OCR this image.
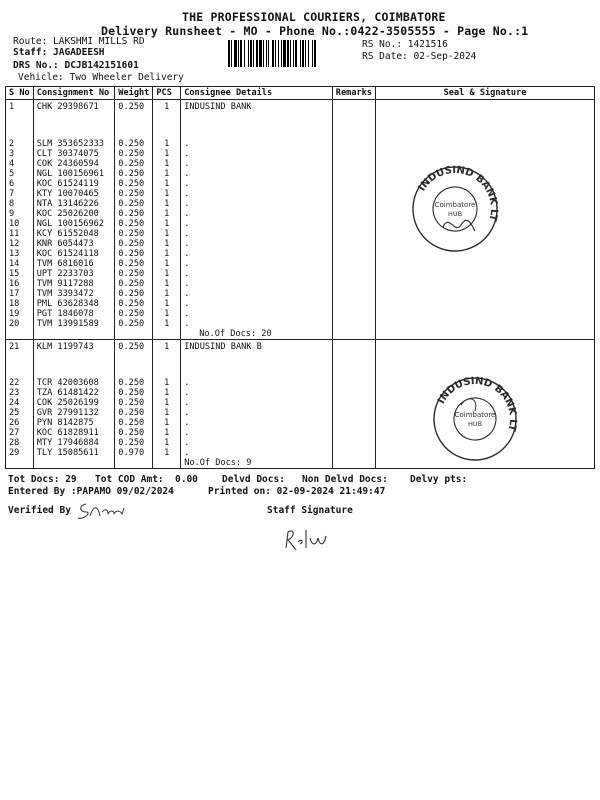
THE PROFESSIONAL COURIERS, COIMBATORE
Delivery Runsheet - MO - Phone No.:0422-3505555 - Page No.:1
Route: LAKSHMI MILLS RD
Staff: JAGADEESH
DRS No.: DCJB142151601
Vehicle: Two Wheeler Delivery
RS No.: 1421516
RS Date: 02-Sep-2024
S No	Consignment No	Weight	PCS	Consignee Details	Remarks	Seal & Signature
1	CHK 29398671	0.250	1	INDUSIND BANK		

2	SLM 353652333	0.250	1	.		
3	CLT 30374075	0.250	1	.		
4	COK 24360594	0.250	1	.		
5	NGL 100156961	0.250	1	.		
6	KOC 61524119	0.250	1	.		
7	KTY 10070465	0.250	1	.		
8	NTA 13146226	0.250	1	.		
9	KOC 25026200	0.250	1	.		
10	NGL 100156962	0.250	1	.		
11	KCY 61552048	0.250	1	.		
12	KNR 6054473	0.250	1	.		
13	KOC 61524118	0.250	1	.		
14	TVM 6816016	0.250	1	.		
15	UPT 2233703	0.250	1	.		
16	TVM 9117288	0.250	1	.		
17	TVM 3393472	0.250	1	.		
18	PML 63628348	0.250	1	.		
19	PGT 1846078	0.250	1	.		
20	TVM 13991589	0.250	1	.		
				No.Of Docs: 20		
21	KLM 1199743	0.250	1	INDUSIND BANK B		

22	TCR 42003608	0.250	1	.		
23	TZA 61481422	0.250	1	.		
24	COK 25026199	0.250	1	.		
25	GVR 27991132	0.250	1	.		
26	PYN 8142875	0.250	1	.		
27	KOC 61828911	0.250	1	.		
28	MTY 17946884	0.250	1	.		
29	TLY 15085611	0.970	1	.		
				No.Of Docs: 9		
INDUSIND BANK LTD.
Coimbatore
HUB
INDUSIND BANK LTD.
Coimbatore
HUB
Tot Docs: 29 Tot COD Amt: 0.00	Delvd Docs: Non Delvd Docs: Delvy pts:
Entered By :PAPAMO 09/02/2024	Printed on: 02-09-2024 21:49:47
Verified By	Staff Signature
